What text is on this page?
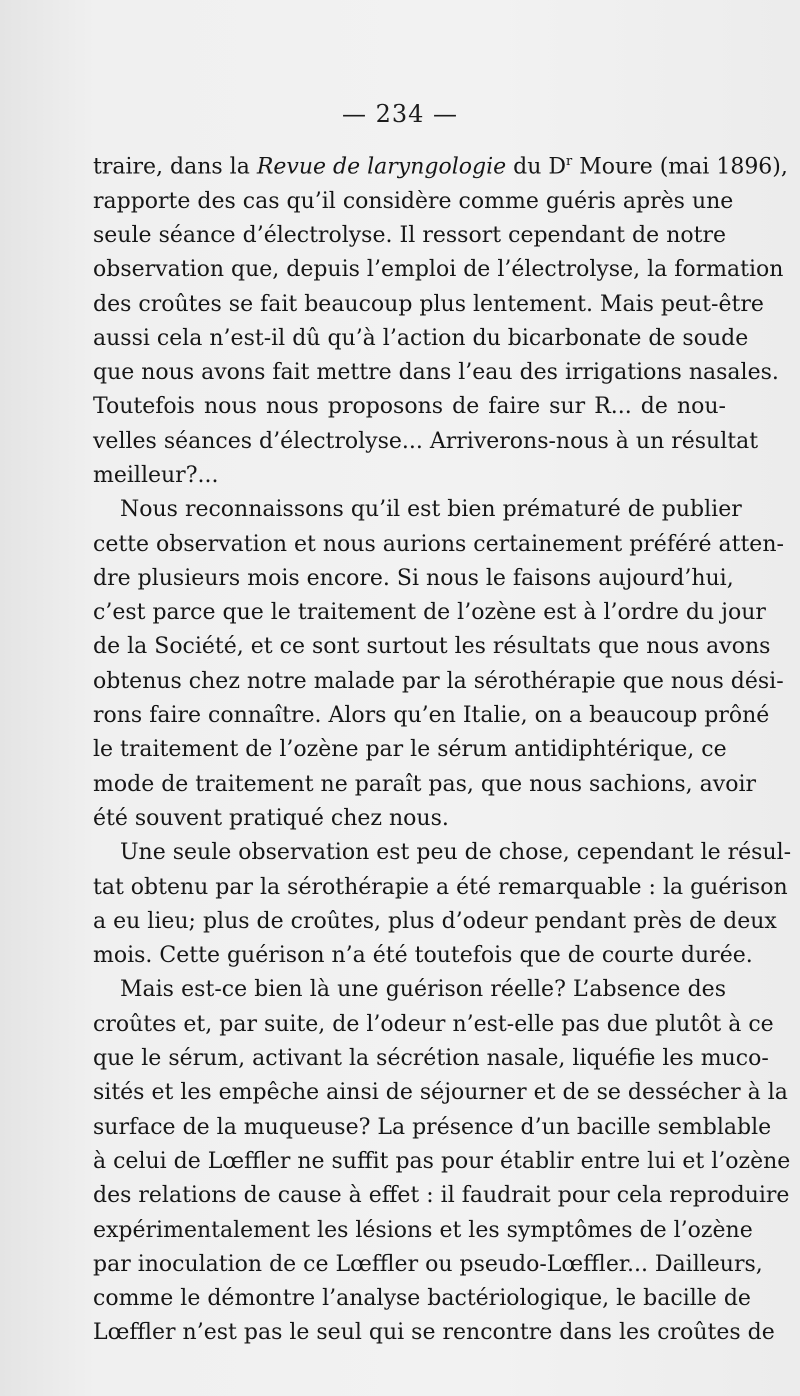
— 234 —
traire, dans la Revue de laryngologie du $D^r$ Moure (mai 1896),
rapporte des cas qu’il considère comme guéris après une
seule séance d’électrolyse. Il ressort cependant de notre
observation que, depuis l’emploi de l’électrolyse, la formation
des croûtes se fait beaucoup plus lentement. Mais peut-être
aussi cela n’est-il dû qu’à l’action du bicarbonate de soude
que nous avons fait mettre dans l’eau des irrigations nasales.
Toutefois nous nous proposons de faire sur R... de nou-
velles séances d’électrolyse... Arriverons-nous à un résultat
meilleur?...
Nous reconnaissons qu’il est bien prématuré de publier
cette observation et nous aurions certainement préféré atten-
dre plusieurs mois encore. Si nous le faisons aujourd’hui,
c’est parce que le traitement de l’ozène est à l’ordre du jour
de la Société, et ce sont surtout les résultats que nous avons
obtenus chez notre malade par la sérothérapie que nous dési-
rons faire connaître. Alors qu’en Italie, on a beaucoup prôné
le traitement de l’ozène par le sérum antidiphtérique, ce
mode de traitement ne paraît pas, que nous sachions, avoir
été souvent pratiqué chez nous.
Une seule observation est peu de chose, cependant le résul-
tat obtenu par la sérothérapie a été remarquable : la guérison
a eu lieu; plus de croûtes, plus d’odeur pendant près de deux
mois. Cette guérison n’a été toutefois que de courte durée.
Mais est-ce bien là une guérison réelle? L’absence des
croûtes et, par suite, de l’odeur n’est-elle pas due plutôt à ce
que le sérum, activant la sécrétion nasale, liquéfie les muco-
sités et les empêche ainsi de séjourner et de se dessécher à la
surface de la muqueuse? La présence d’un bacille semblable
à celui de Lœffler ne suffit pas pour établir entre lui et l’ozène
des relations de cause à effet : il faudrait pour cela reproduire
expérimentalement les lésions et les symptômes de l’ozène
par inoculation de ce Lœffler ou pseudo-Lœffler... Dailleurs,
comme le démontre l’analyse bactériologique, le bacille de
Lœffler n’est pas le seul qui se rencontre dans les croûtes de
